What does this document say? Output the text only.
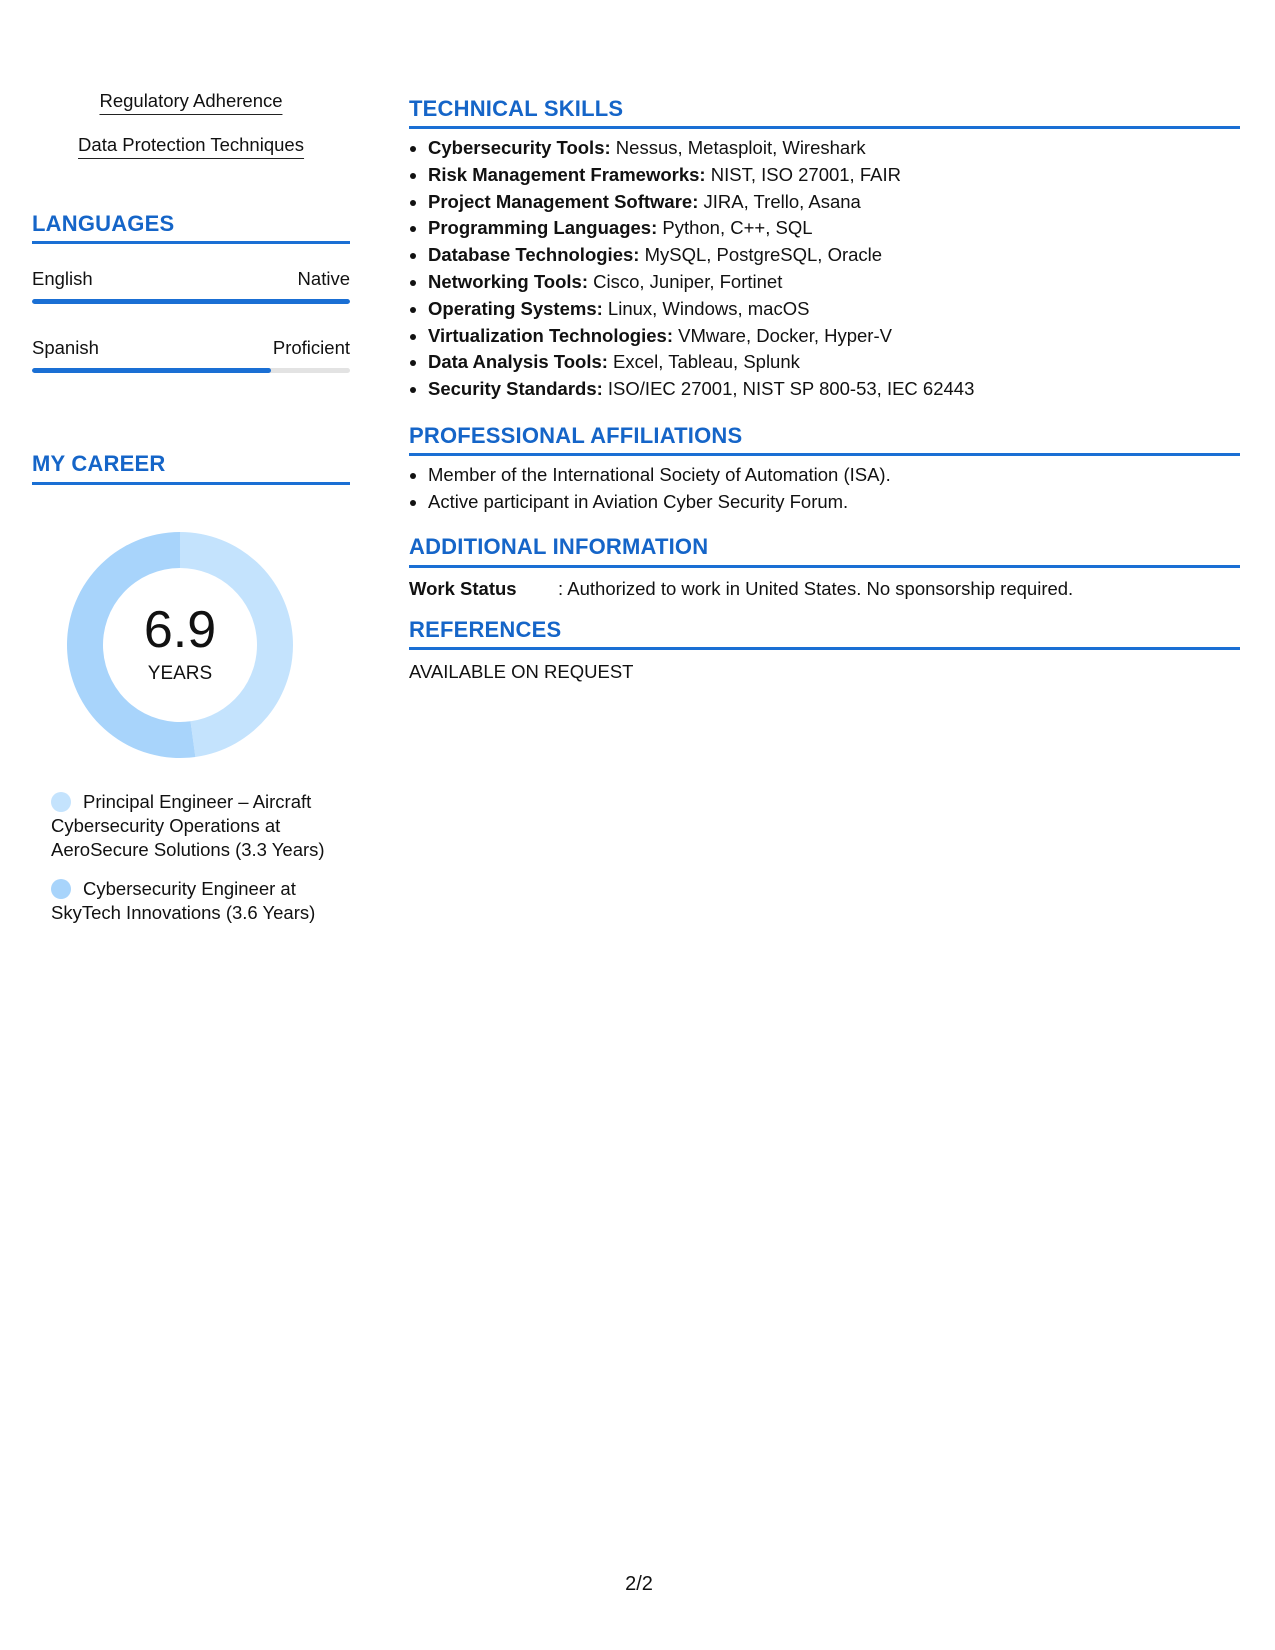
Regulatory Adherence
Data Protection Techniques
LANGUAGES
English	Native
Spanish	Proficient
MY CAREER
6.9
YEARS
Principal Engineer – Aircraft Cybersecurity Operations at AeroSecure Solutions (3.3 Years)
Cybersecurity Engineer at SkyTech Innovations (3.6 Years)
TECHNICAL SKILLS
• Cybersecurity Tools: Nessus, Metasploit, Wireshark
• Risk Management Frameworks: NIST, ISO 27001, FAIR
• Project Management Software: JIRA, Trello, Asana
• Programming Languages: Python, C++, SQL
• Database Technologies: MySQL, PostgreSQL, Oracle
• Networking Tools: Cisco, Juniper, Fortinet
• Operating Systems: Linux, Windows, macOS
• Virtualization Technologies: VMware, Docker, Hyper-V
• Data Analysis Tools: Excel, Tableau, Splunk
• Security Standards: ISO/IEC 27001, NIST SP 800-53, IEC 62443
PROFESSIONAL AFFILIATIONS
• Member of the International Society of Automation (ISA).
• Active participant in Aviation Cyber Security Forum.
ADDITIONAL INFORMATION
Work Status : Authorized to work in United States. No sponsorship required.
REFERENCES
AVAILABLE ON REQUEST
2/2
